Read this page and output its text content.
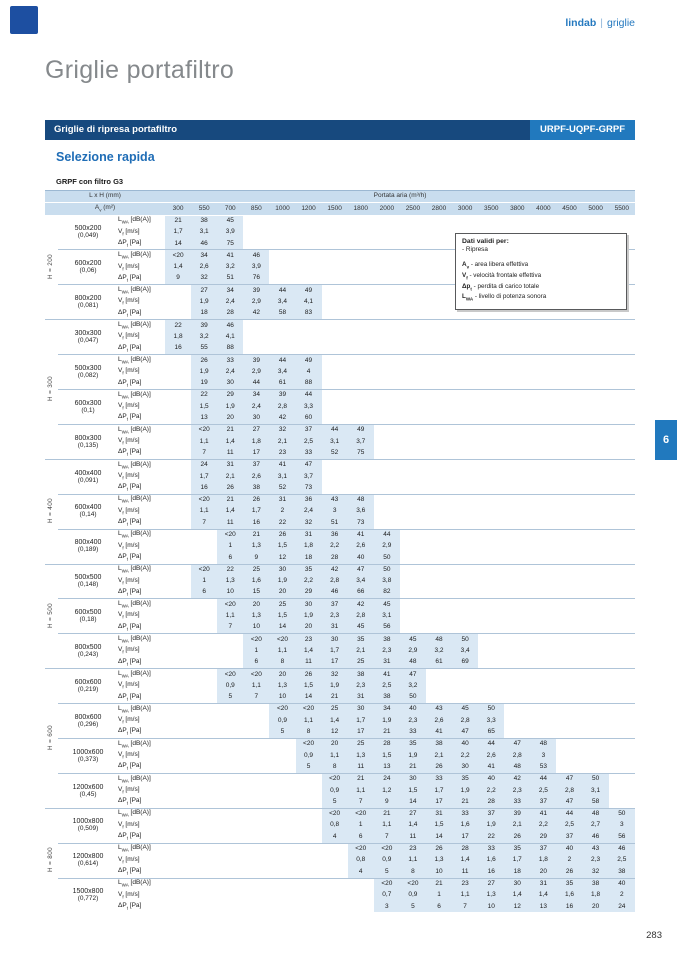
lindab | griglie
Griglie portafiltro
Griglie di ripresa portafiltro	URPF-UQPF-GRPF
Selezione rapida
GRPF con filtro G3
L x H (mm)			Portata aria (m³/h)																	
$A_v$ (m²)			300	550	700	850	1000	1200	1500	1800	2000	2500	2800	3000	3500	3800	4000	4500	5000	5500
H = 200	500x200
(0,049)	$L_{WA}$ [dB(A)]	21	38	45															
		$V_f$ [m/s]	1,7	3,1	3,9															
		$\Delta P_t$ [Pa]	14	46	75															

	600x200
(0,06)	$L_{WA}$ [dB(A)]	<20	34	41	46														
		$V_f$ [m/s]	1,4	2,6	3,2	3,9														
		$\Delta P_t$ [Pa]	9	32	51	76														

	800x200
(0,081)	$L_{WA}$ [dB(A)]		27	34	39	44	49												
		$V_f$ [m/s]		1,9	2,4	2,9	3,4	4,1												
		$\Delta P_t$ [Pa]		18	28	42	58	83												
H = 300	300x300
(0,047)	$L_{WA}$ [dB(A)]	22	39	46															
		$V_f$ [m/s]	1,8	3,2	4,1															
		$\Delta P_t$ [Pa]	16	55	88															

	500x300
(0,082)	$L_{WA}$ [dB(A)]		26	33	39	44	49												
		$V_f$ [m/s]		1,9	2,4	2,9	3,4	4												
		$\Delta P_t$ [Pa]		19	30	44	61	88												

	600x300
(0,1)	$L_{WA}$ [dB(A)]		22	29	34	39	44												
		$V_f$ [m/s]		1,5	1,9	2,4	2,8	3,3												
		$\Delta P_t$ [Pa]		13	20	30	42	60												

	800x300
(0,135)	$L_{WA}$ [dB(A)]		<20	21	27	32	37	44	49										
		$V_f$ [m/s]		1,1	1,4	1,8	2,1	2,5	3,1	3,7										
		$\Delta P_t$ [Pa]		7	11	17	23	33	52	75										
H = 400	400x400
(0,091)	$L_{WA}$ [dB(A)]		24	31	37	41	47												
		$V_f$ [m/s]		1,7	2,1	2,6	3,1	3,7												
		$\Delta P_t$ [Pa]		16	26	38	52	73												

	600x400
(0,14)	$L_{WA}$ [dB(A)]		<20	21	26	31	36	43	48										
		$V_f$ [m/s]		1,1	1,4	1,7	2	2,4	3	3,6										
		$\Delta P_t$ [Pa]		7	11	16	22	32	51	73										

	800x400
(0,189)	$L_{WA}$ [dB(A)]			<20	21	26	31	36	41	44									
		$V_f$ [m/s]			1	1,3	1,5	1,8	2,2	2,6	2,9									
		$\Delta P_t$ [Pa]			6	9	12	18	28	40	50									
H = 500	500x500
(0,148)	$L_{WA}$ [dB(A)]		<20	22	25	30	35	42	47	50									
		$V_f$ [m/s]		1	1,3	1,6	1,9	2,2	2,8	3,4	3,8									
		$\Delta P_t$ [Pa]		6	10	15	20	29	46	66	82									

	600x500
(0,18)	$L_{WA}$ [dB(A)]			<20	20	25	30	37	42	45									
		$V_f$ [m/s]			1,1	1,3	1,5	1,9	2,3	2,8	3,1									
		$\Delta P_t$ [Pa]			7	10	14	20	31	45	56									

	800x500
(0,243)	$L_{WA}$ [dB(A)]				<20	<20	23	30	35	38	45	48	50						
		$V_f$ [m/s]				1	1,1	1,4	1,7	2,1	2,3	2,9	3,2	3,4						
		$\Delta P_t$ [Pa]				6	8	11	17	25	31	48	61	69						
H = 600	600x600
(0,219)	$L_{WA}$ [dB(A)]			<20	<20	20	26	32	38	41	47								
		$V_f$ [m/s]			0,9	1,1	1,3	1,5	1,9	2,3	2,5	3,2								
		$\Delta P_t$ [Pa]			5	7	10	14	21	31	38	50								

	800x600
(0,296)	$L_{WA}$ [dB(A)]					<20	<20	25	30	34	40	43	45	50					
		$V_f$ [m/s]					0,9	1,1	1,4	1,7	1,9	2,3	2,6	2,8	3,3					
		$\Delta P_t$ [Pa]					5	8	12	17	21	33	41	47	65					

	1000x600
(0,373)	$L_{WA}$ [dB(A)]						<20	20	25	28	35	38	40	44	47	48			
		$V_f$ [m/s]						0,9	1,1	1,3	1,5	1,9	2,1	2,2	2,6	2,8	3			
		$\Delta P_t$ [Pa]						5	8	11	13	21	26	30	41	48	53			

	1200x600
(0,45)	$L_{WA}$ [dB(A)]							<20	21	24	30	33	35	40	42	44	47	50	
		$V_f$ [m/s]							0,9	1,1	1,2	1,5	1,7	1,9	2,2	2,3	2,5	2,8	3,1	
		$\Delta P_t$ [Pa]							5	7	9	14	17	21	28	33	37	47	58	
H = 800	1000x800
(0,509)	$L_{WA}$ [dB(A)]							<20	<20	21	27	31	33	37	39	41	44	48	50
		$V_f$ [m/s]							0,8	1	1,1	1,4	1,5	1,6	1,9	2,1	2,2	2,5	2,7	3
		$\Delta P_t$ [Pa]							4	6	7	11	14	17	22	26	29	37	46	56

	1200x800
(0,614)	$L_{WA}$ [dB(A)]								<20	<20	23	26	28	33	35	37	40	43	46
		$V_f$ [m/s]								0,8	0,9	1,1	1,3	1,4	1,6	1,7	1,8	2	2,3	2,5
		$\Delta P_t$ [Pa]								4	5	8	10	11	16	18	20	26	32	38

	1500x800
(0,772)	$L_{WA}$ [dB(A)]									<20	<20	21	23	27	30	31	35	38	40
		$V_f$ [m/s]									0,7	0,9	1	1,1	1,3	1,4	1,4	1,6	1,8	2
		$\Delta P_t$ [Pa]									3	5	6	7	10	12	13	16	20	24
Dati validi per:
- Ripresa
$A_v$ - area libera effettiva
$V_f$ - velocità frontale effettiva
$\Delta p_t$ - perdita di carico totale
$L_{WA}$ - livello di potenza sonora
6
283
